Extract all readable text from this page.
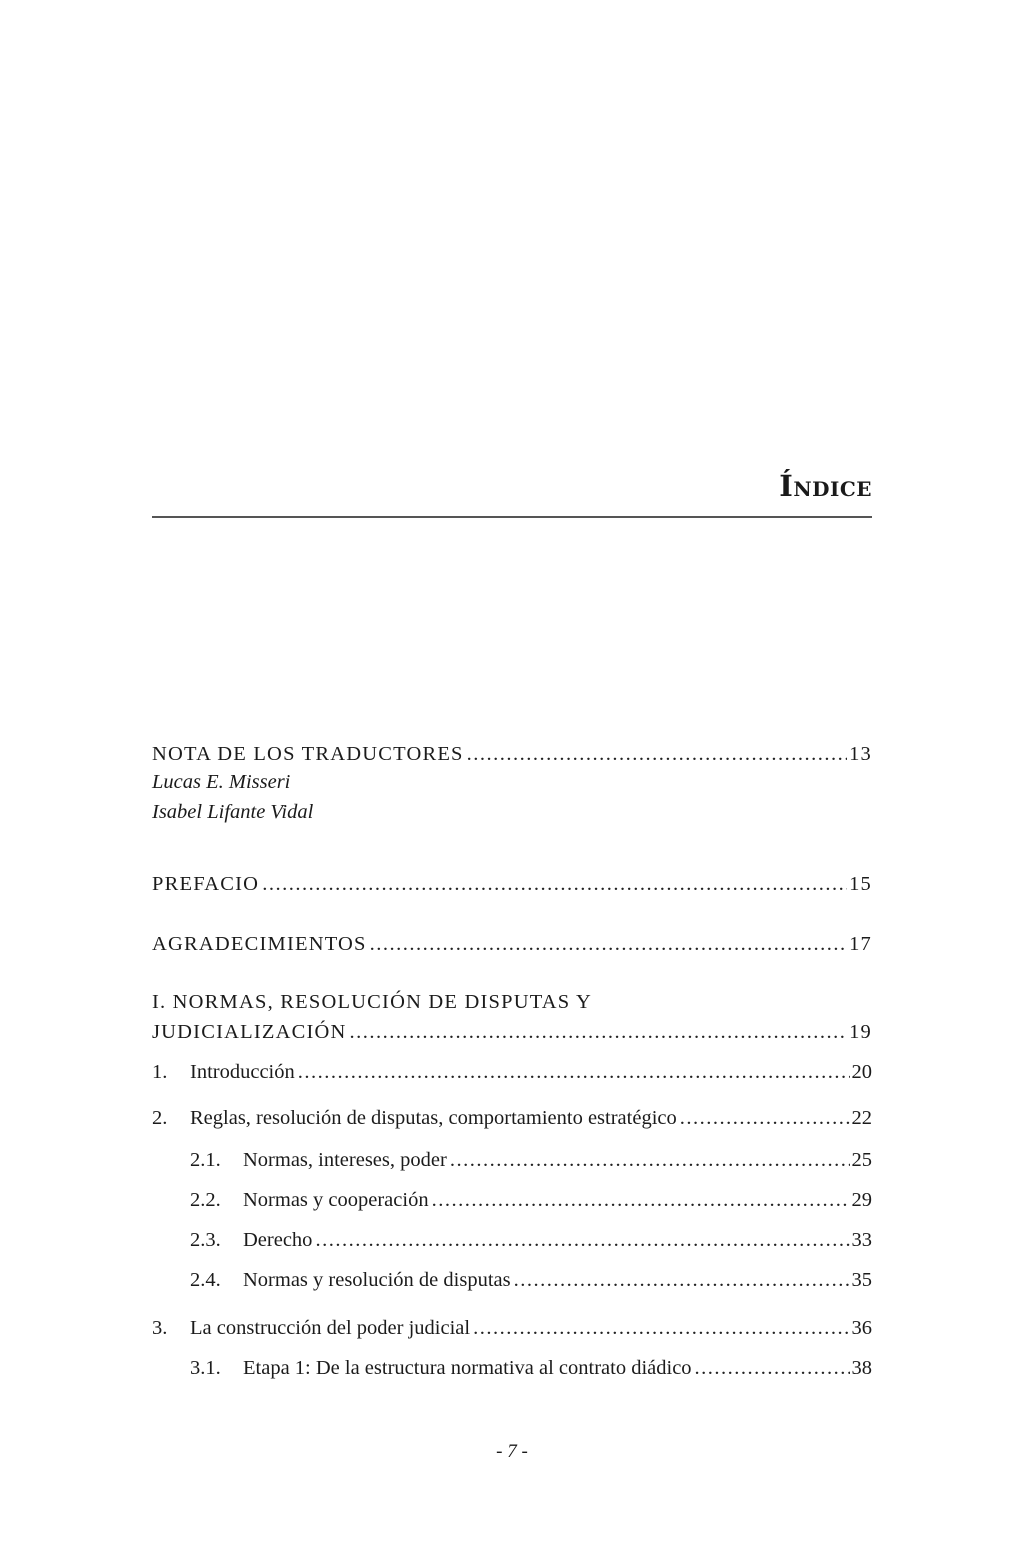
Índice
NOTA DE LOS TRADUCTORES .....	13
Lucas E. Misseri
Isabel Lifante Vidal
PREFACIO .....	15
AGRADECIMIENTOS .....	17
I. NORMAS, RESOLUCIÓN DE DISPUTAS Y
JUDICIALIZACIÓN .....	19
1.	Introducción .....	20
2.	Reglas, resolución de disputas, comportamiento estratégico .....	22
2.1.	Normas, intereses, poder .....	25
2.2.	Normas y cooperación .....	29
2.3.	Derecho .....	33
2.4.	Normas y resolución de disputas .....	35
3.	La construcción del poder judicial .....	36
3.1.	Etapa 1: De la estructura normativa al contrato diádico .....	38
- 7 -
